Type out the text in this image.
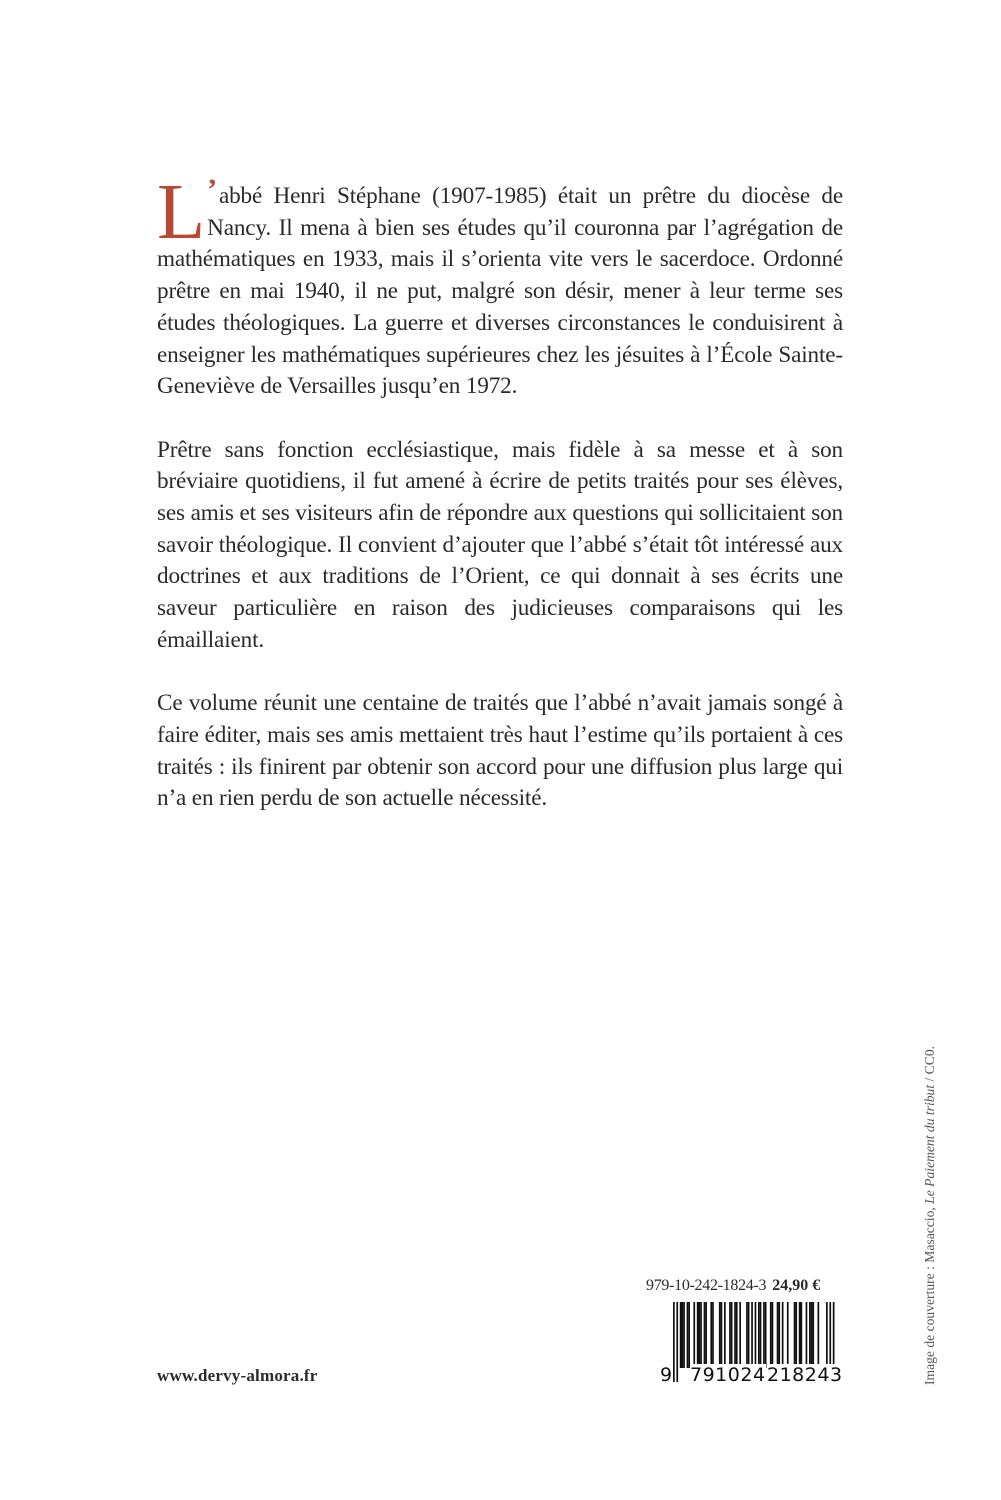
L ’abbé Henri Stéphane (1907-1985) était un prêtre du diocèse de Nancy. Il mena à bien ses études qu’il couronna par l’agrégation de mathématiques en 1933, mais il s’orienta vite vers le sacerdoce. Ordonné prêtre en mai 1940, il ne put, malgré son désir, mener à leur terme ses études théologiques. La guerre et diverses circonstances le conduisirent à enseigner les mathématiques supérieures chez les jésuites à l’École Sainte-Geneviève de Versailles jusqu’en 1972.

Prêtre sans fonction ecclésiastique, mais fidèle à sa messe et à son bréviaire quotidiens, il fut amené à écrire de petits traités pour ses élèves, ses amis et ses visiteurs afin de répondre aux questions qui sollicitaient son savoir théologique. Il convient d’ajouter que l’abbé s’était tôt intéressé aux doctrines et aux traditions de l’Orient, ce qui donnait à ses écrits une saveur particulière en raison des judicieuses comparaisons qui les émaillaient.

Ce volume réunit une centaine de traités que l’abbé n’avait jamais songé à faire éditer, mais ses amis mettaient très haut l’estime qu’ils portaient à ces traités : ils finirent par obtenir son accord pour une diffusion plus large qui n’a en rien perdu de son actuelle nécessité.

979-10-242-1824-3 24,90 €
9 791024 218243
www.dervy-almora.fr	Image de couverture : Masaccio, Le Paiement du tribut / CC0.
